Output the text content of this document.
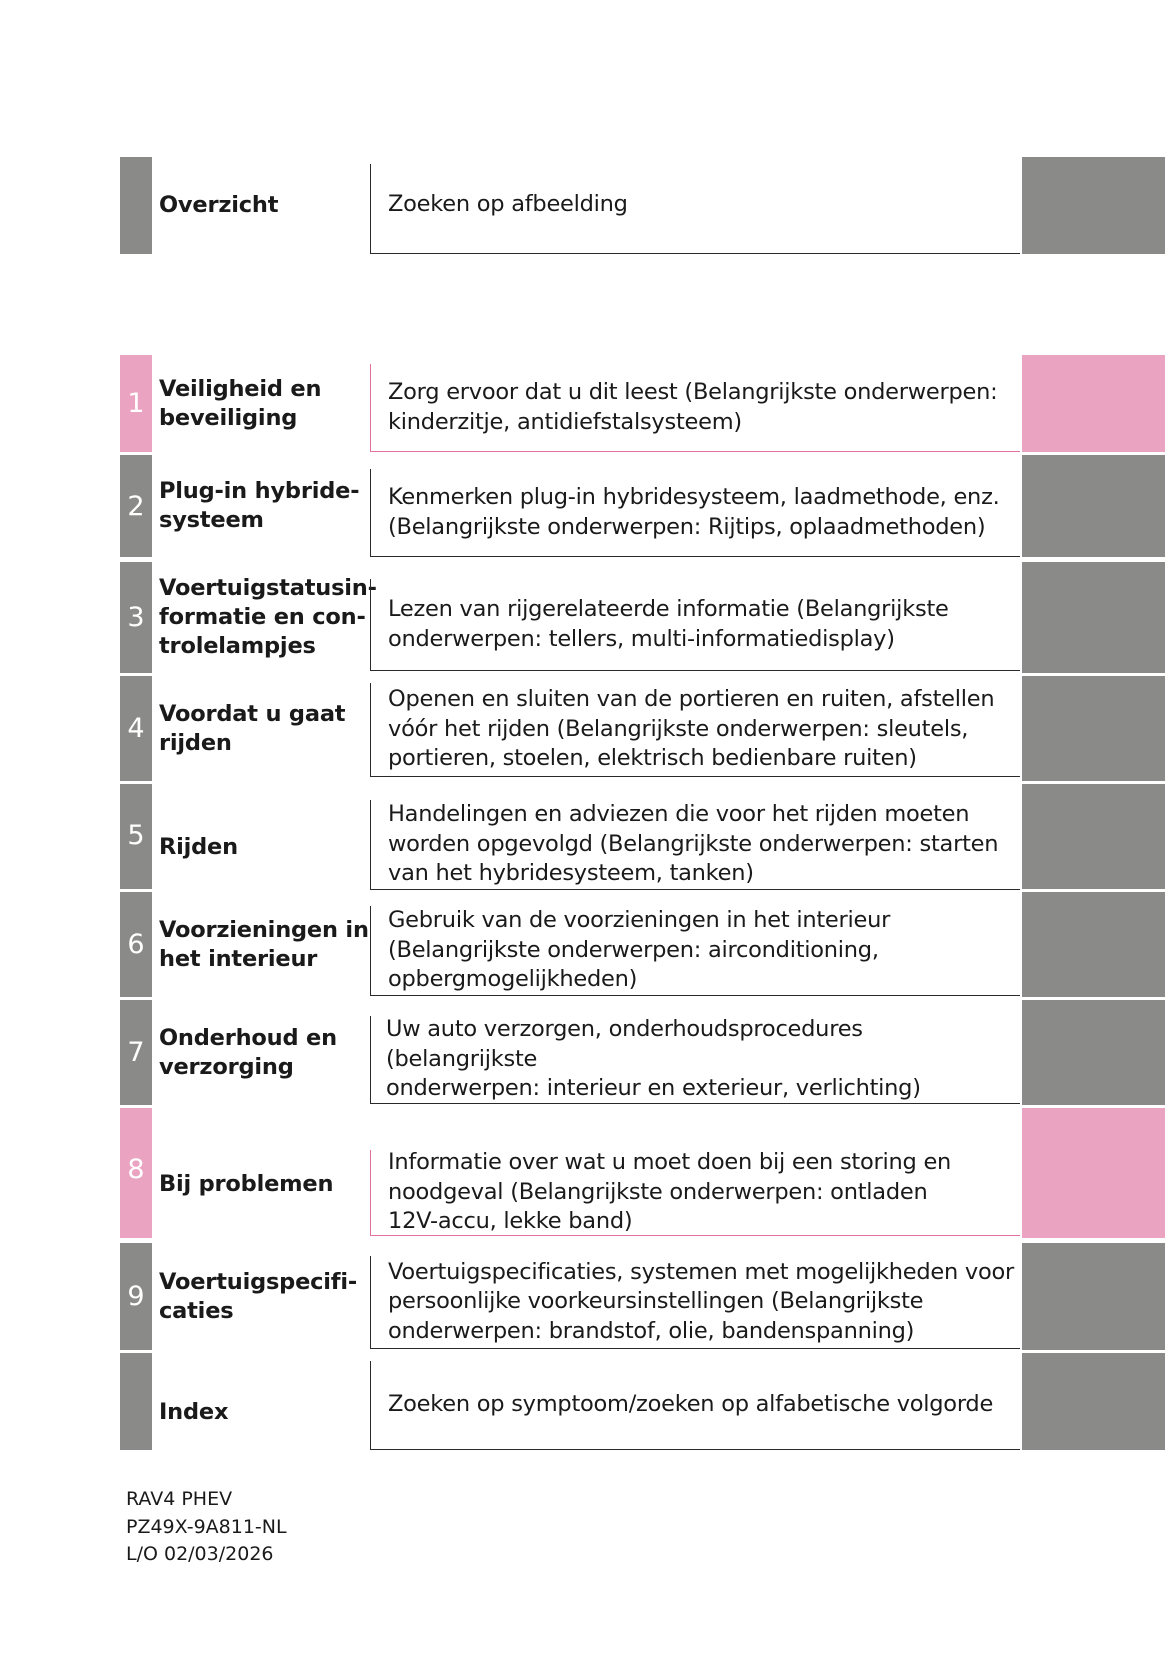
Overzicht	Zoeken op afbeelding
1 Veiligheid en
beveiliging
Zorg ervoor dat u dit leest (Belangrijkste onderwerpen:
kinderzitje, antidiefstalsysteem)
2 Plug-in hybride-
systeem
Kenmerken plug-in hybridesysteem, laadmethode, enz.
(Belangrijkste onderwerpen: Rijtips, oplaadmethoden)
3
Voertuigstatusin-
formatie en con-
trolelampjes
Lezen van rijgerelateerde informatie (Belangrijkste
onderwerpen: tellers, multi-informatiedisplay)
4 Voordat u gaat
rijden
Openen en sluiten van de portieren en ruiten, afstellen
vóór het rijden (Belangrijkste onderwerpen: sleutels,
portieren, stoelen, elektrisch bedienbare ruiten)
5 Rijden
Handelingen en adviezen die voor het rijden moeten
worden opgevolgd (Belangrijkste onderwerpen: starten
van het hybridesysteem, tanken)
6 Voorzieningen in
het interieur
Gebruik van de voorzieningen in het interieur
(Belangrijkste onderwerpen: airconditioning,
opbergmogelijkheden)
7 Onderhoud en
verzorging
Uw auto verzorgen, onderhoudsprocedures (belangrijkste
onderwerpen: interieur en exterieur, verlichting)
8 Bij problemen
Informatie over wat u moet doen bij een storing en
noodgeval (Belangrijkste onderwerpen: ontladen
12V-accu, lekke band)
9 Voertuigspecifi-
caties
Voertuigspecificaties, systemen met mogelijkheden voor
persoonlijke voorkeursinstellingen (Belangrijkste
onderwerpen: brandstof, olie, bandenspanning)
Index	Zoeken op symptoom/zoeken op alfabetische volgorde
RAV4 PHEV
PZ49X-9A811-NL
L/O 02/03/2026
